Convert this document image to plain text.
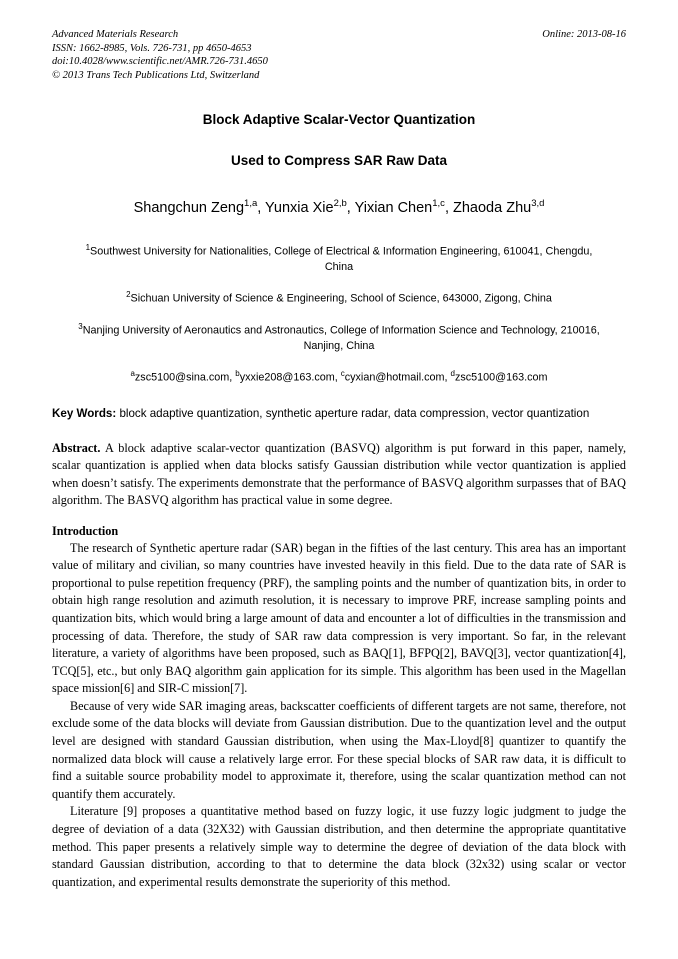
Online: 2013-08-16
Advanced Materials Research
ISSN: 1662-8985, Vols. 726-731, pp 4650-4653
doi:10.4028/www.scientific.net/AMR.726-731.4650
© 2013 Trans Tech Publications Ltd, Switzerland
Block Adaptive Scalar-Vector Quantization
Used to Compress SAR Raw Data
Shangchun Zeng$^{1,a}$, Yunxia Xie$^{2,b}$, Yixian Chen$^{1,c}$, Zhaoda Zhu$^{3,d}$
$^1$Southwest University for Nationalities, College of Electrical & Information Engineering, 610041, Chengdu, China
$^2$Sichuan University of Science & Engineering, School of Science, 643000, Zigong, China
$^3$Nanjing University of Aeronautics and Astronautics, College of Information Science and Technology, 210016, Nanjing, China
$^a$zsc5100@sina.com, $^b$yxxie208@163.com, $^c$cyxian@hotmail.com, $^d$zsc5100@163.com
Key Words: block adaptive quantization, synthetic aperture radar, data compression, vector quantization
Abstract. A block adaptive scalar-vector quantization (BASVQ) algorithm is put forward in this paper, namely, scalar quantization is applied when data blocks satisfy Gaussian distribution while vector quantization is applied when doesn’t satisfy. The experiments demonstrate that the performance of BASVQ algorithm surpasses that of BAQ algorithm. The BASVQ algorithm has practical value in some degree.
Introduction

The research of Synthetic aperture radar (SAR) began in the fifties of the last century. This area has an important value of military and civilian, so many countries have invested heavily in this field. Due to the data rate of SAR is proportional to pulse repetition frequency (PRF), the sampling points and the number of quantization bits, in order to obtain high range resolution and azimuth resolution, it is necessary to improve PRF, increase sampling points and quantization bits, which would bring a large amount of data and encounter a lot of difficulties in the transmission and processing of data. Therefore, the study of SAR raw data compression is very important. So far, in the relevant literature, a variety of algorithms have been proposed, such as BAQ[1], BFPQ[2], BAVQ[3], vector quantization[4], TCQ[5], etc., but only BAQ algorithm gain application for its simple. This algorithm has been used in the Magellan space mission[6] and SIR-C mission[7].

Because of very wide SAR imaging areas, backscatter coefficients of different targets are not same, therefore, not exclude some of the data blocks will deviate from Gaussian distribution. Due to the quantization level and the output level are designed with standard Gaussian distribution, when using the Max-Lloyd[8] quantizer to quantify the normalized data block will cause a relatively large error. For these special blocks of SAR raw data, it is difficult to find a suitable source probability model to approximate it, therefore, using the scalar quantization method can not quantify them accurately.

Literature [9] proposes a quantitative method based on fuzzy logic, it use fuzzy logic judgment to judge the degree of deviation of a data (32X32) with Gaussian distribution, and then determine the appropriate quantitative method. This paper presents a relatively simple way to determine the degree of deviation of the data block with standard Gaussian distribution, according to that to determine the data block (32x32) using scalar or vector quantization, and experimental results demonstrate the superiority of this method.
